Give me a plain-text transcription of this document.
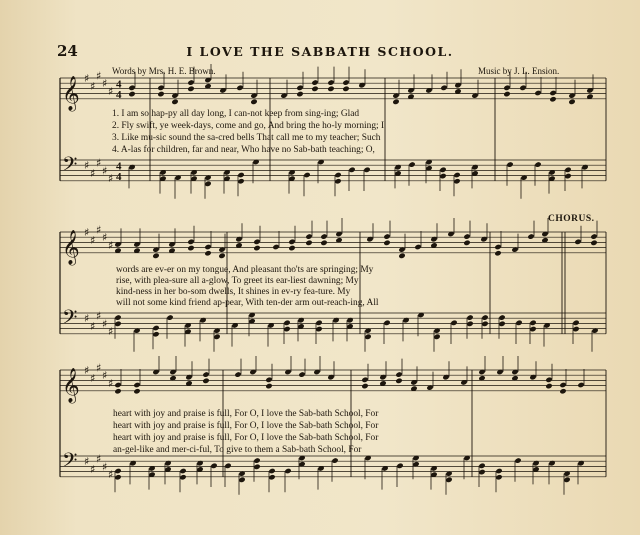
24	I LOVE THE SABBATH SCHOOL.
Words by Mrs. H. E. Brown.	Music by J. L. Ension.
CHORUS.
𝄞 ♯
♯
♯
♯
♯
4
4
𝄢 ♯
♯
♯
♯
♯
4
4
𝄞 ♯
♯
♯
♯
♯
𝄢 ♯
♯
♯
♯
♯
𝄞 ♯
♯
♯
♯
♯
𝄢 ♯
♯
♯
♯
♯
1. I am so hap-py all day long, I can-not keep from sing-ing; Glad
2. Fly swift, ye week-days, come and go, And bring the ho-ly morning; I
3. Like mu-sic sound the sa-cred bells That call me to my teacher; Such
4. A-las for children, far and near, Who have no Sab-bath teaching; O,
words are ev-er on my tongue, And pleasant tho'ts are springing; My
rise, with plea-sure all a-glow, To greet its ear-liest dawning; My
kind-ness in her bo-som dwells, It shines in ev-ry fea-ture. My
will not some kind friend ap-pear, With ten-der arm out-reach-ing, All
heart with joy and praise is full, For O, I love the Sab-bath School, For
heart with joy and praise is full, For O, I love the Sab-bath School, For
heart with joy and praise is full, For O, I love the Sab-bath School, For
an-gel-like and mer-ci-ful, To give to them a Sab-bath School, For
